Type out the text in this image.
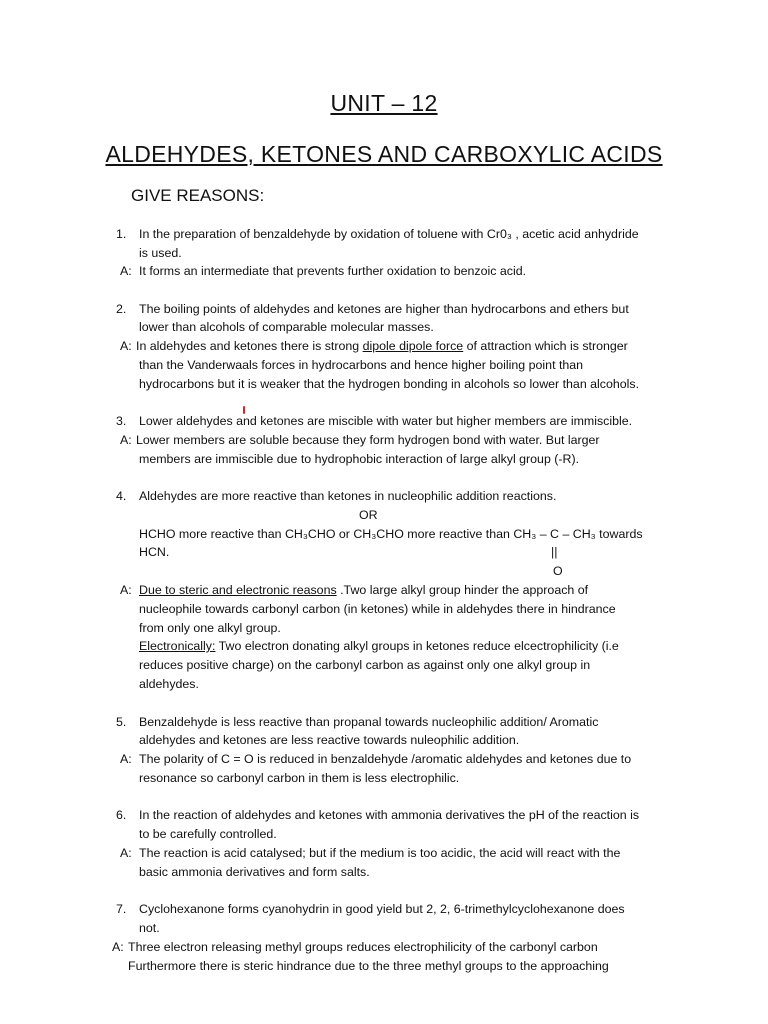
UNIT – 12
ALDEHYDES, KETONES AND CARBOXYLIC ACIDS
GIVE REASONS:
1. In the preparation of benzaldehyde by oxidation of toluene with Cr0₃ , acetic acid anhydride
is used.
A: It forms an intermediate that prevents further oxidation to benzoic acid.
2. The boiling points of aldehydes and ketones are higher than hydrocarbons and ethers but
lower than alcohols of comparable molecular masses.
A: In aldehydes and ketones there is strong dipole dipole force of attraction which is stronger
than the Vanderwaals forces in hydrocarbons and hence higher boiling point than
hydrocarbons but it is weaker that the hydrogen bonding in alcohols so lower than alcohols.
3. Lower aldehydes and ketones are miscible with water but higher members are immiscible.
A: Lower members are soluble because they form hydrogen bond with water. But larger
members are immiscible due to hydrophobic interaction of large alkyl group (-R).
4. Aldehydes are more reactive than ketones in nucleophilic addition reactions.
OR
HCHO more reactive than CH₃CHO or CH₃CHO more reactive than CH₃ – C – CH₃ towards
HCN.	||
O
A: Due to steric and electronic reasons .Two large alkyl group hinder the approach of
nucleophile towards carbonyl carbon (in ketones) while in aldehydes there in hindrance
from only one alkyl group.
Electronically: Two electron donating alkyl groups in ketones reduce elcectrophilicity (i.e
reduces positive charge) on the carbonyl carbon as against only one alkyl group in
aldehydes.
5. Benzaldehyde is less reactive than propanal towards nucleophilic addition/ Aromatic
aldehydes and ketones are less reactive towards nuleophilic addition.
A: The polarity of C = O is reduced in benzaldehyde /aromatic aldehydes and ketones due to
resonance so carbonyl carbon in them is less electrophilic.
6. In the reaction of aldehydes and ketones with ammonia derivatives the pH of the reaction is
to be carefully controlled.
A: The reaction is acid catalysed; but if the medium is too acidic, the acid will react with the
basic ammonia derivatives and form salts.
7. Cyclohexanone forms cyanohydrin in good yield but 2, 2, 6-trimethylcyclohexanone does
not.
A: Three electron releasing methyl groups reduces electrophilicity of the carbonyl carbon
Furthermore there is steric hindrance due to the three methyl groups to the approaching
